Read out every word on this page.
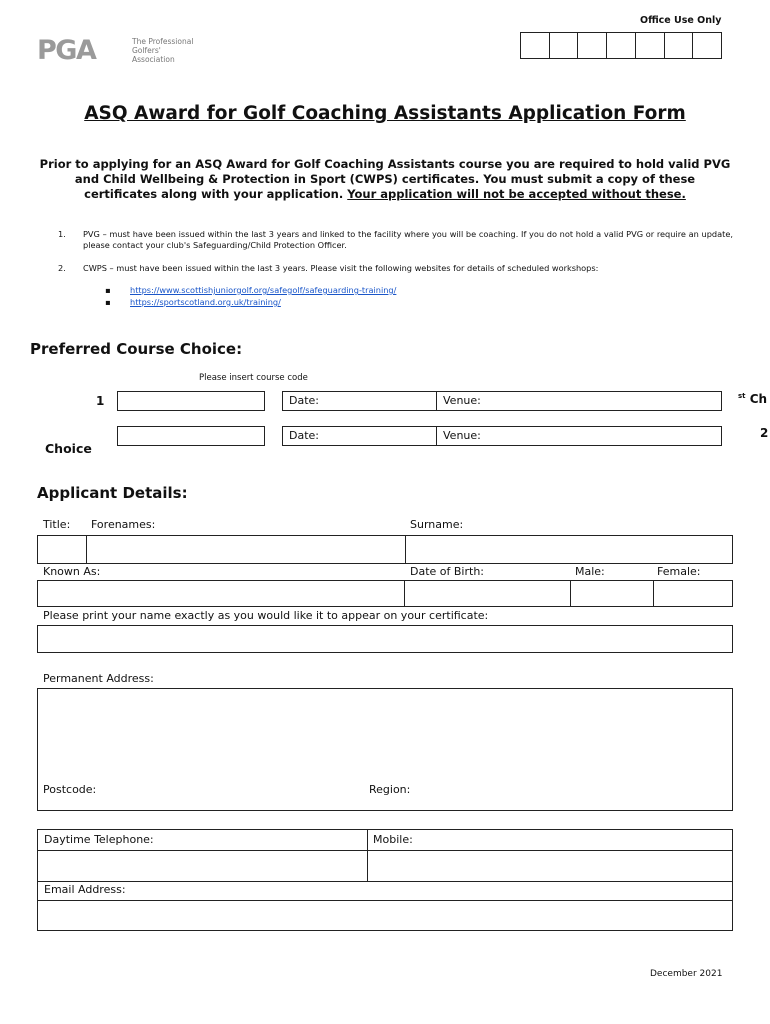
Office Use Only
PGA	The Professional
Golfers'
Association
ASQ Award for Golf Coaching Assistants Application Form
Prior to applying for an ASQ Award for Golf Coaching Assistants course you are required to hold valid PVG and Child Wellbeing & Protection in Sport (CWPS) certificates. You must submit a copy of these certificates along with your application. Your application will not be accepted without these.
1. PVG – must have been issued within the last 3 years and linked to the facility where you will be coaching. If you do not hold a valid PVG or require an update, please contact your club's Safeguarding/Child Protection Officer.
2. CWPS – must have been issued within the last 3 years. Please visit the following websites for details of scheduled workshops:
▪ https://www.scottishjuniorgolf.org/safegolf/safeguarding-training/
▪ https://sportscotland.org.uk/training/
Preferred Course Choice:
Please insert course code
1	Date:	Venue:	$^{st}$ Ch
Date:	Venue:	2
Choice
Applicant Details:
Title: Forenames:	Surname:
Known As:	Date of Birth:	Male:	Female:
Please print your name exactly as you would like it to appear on your certificate:
Permanent Address:
Postcode:	Region:
Daytime Telephone:	Mobile:
Email Address:
December 2021
